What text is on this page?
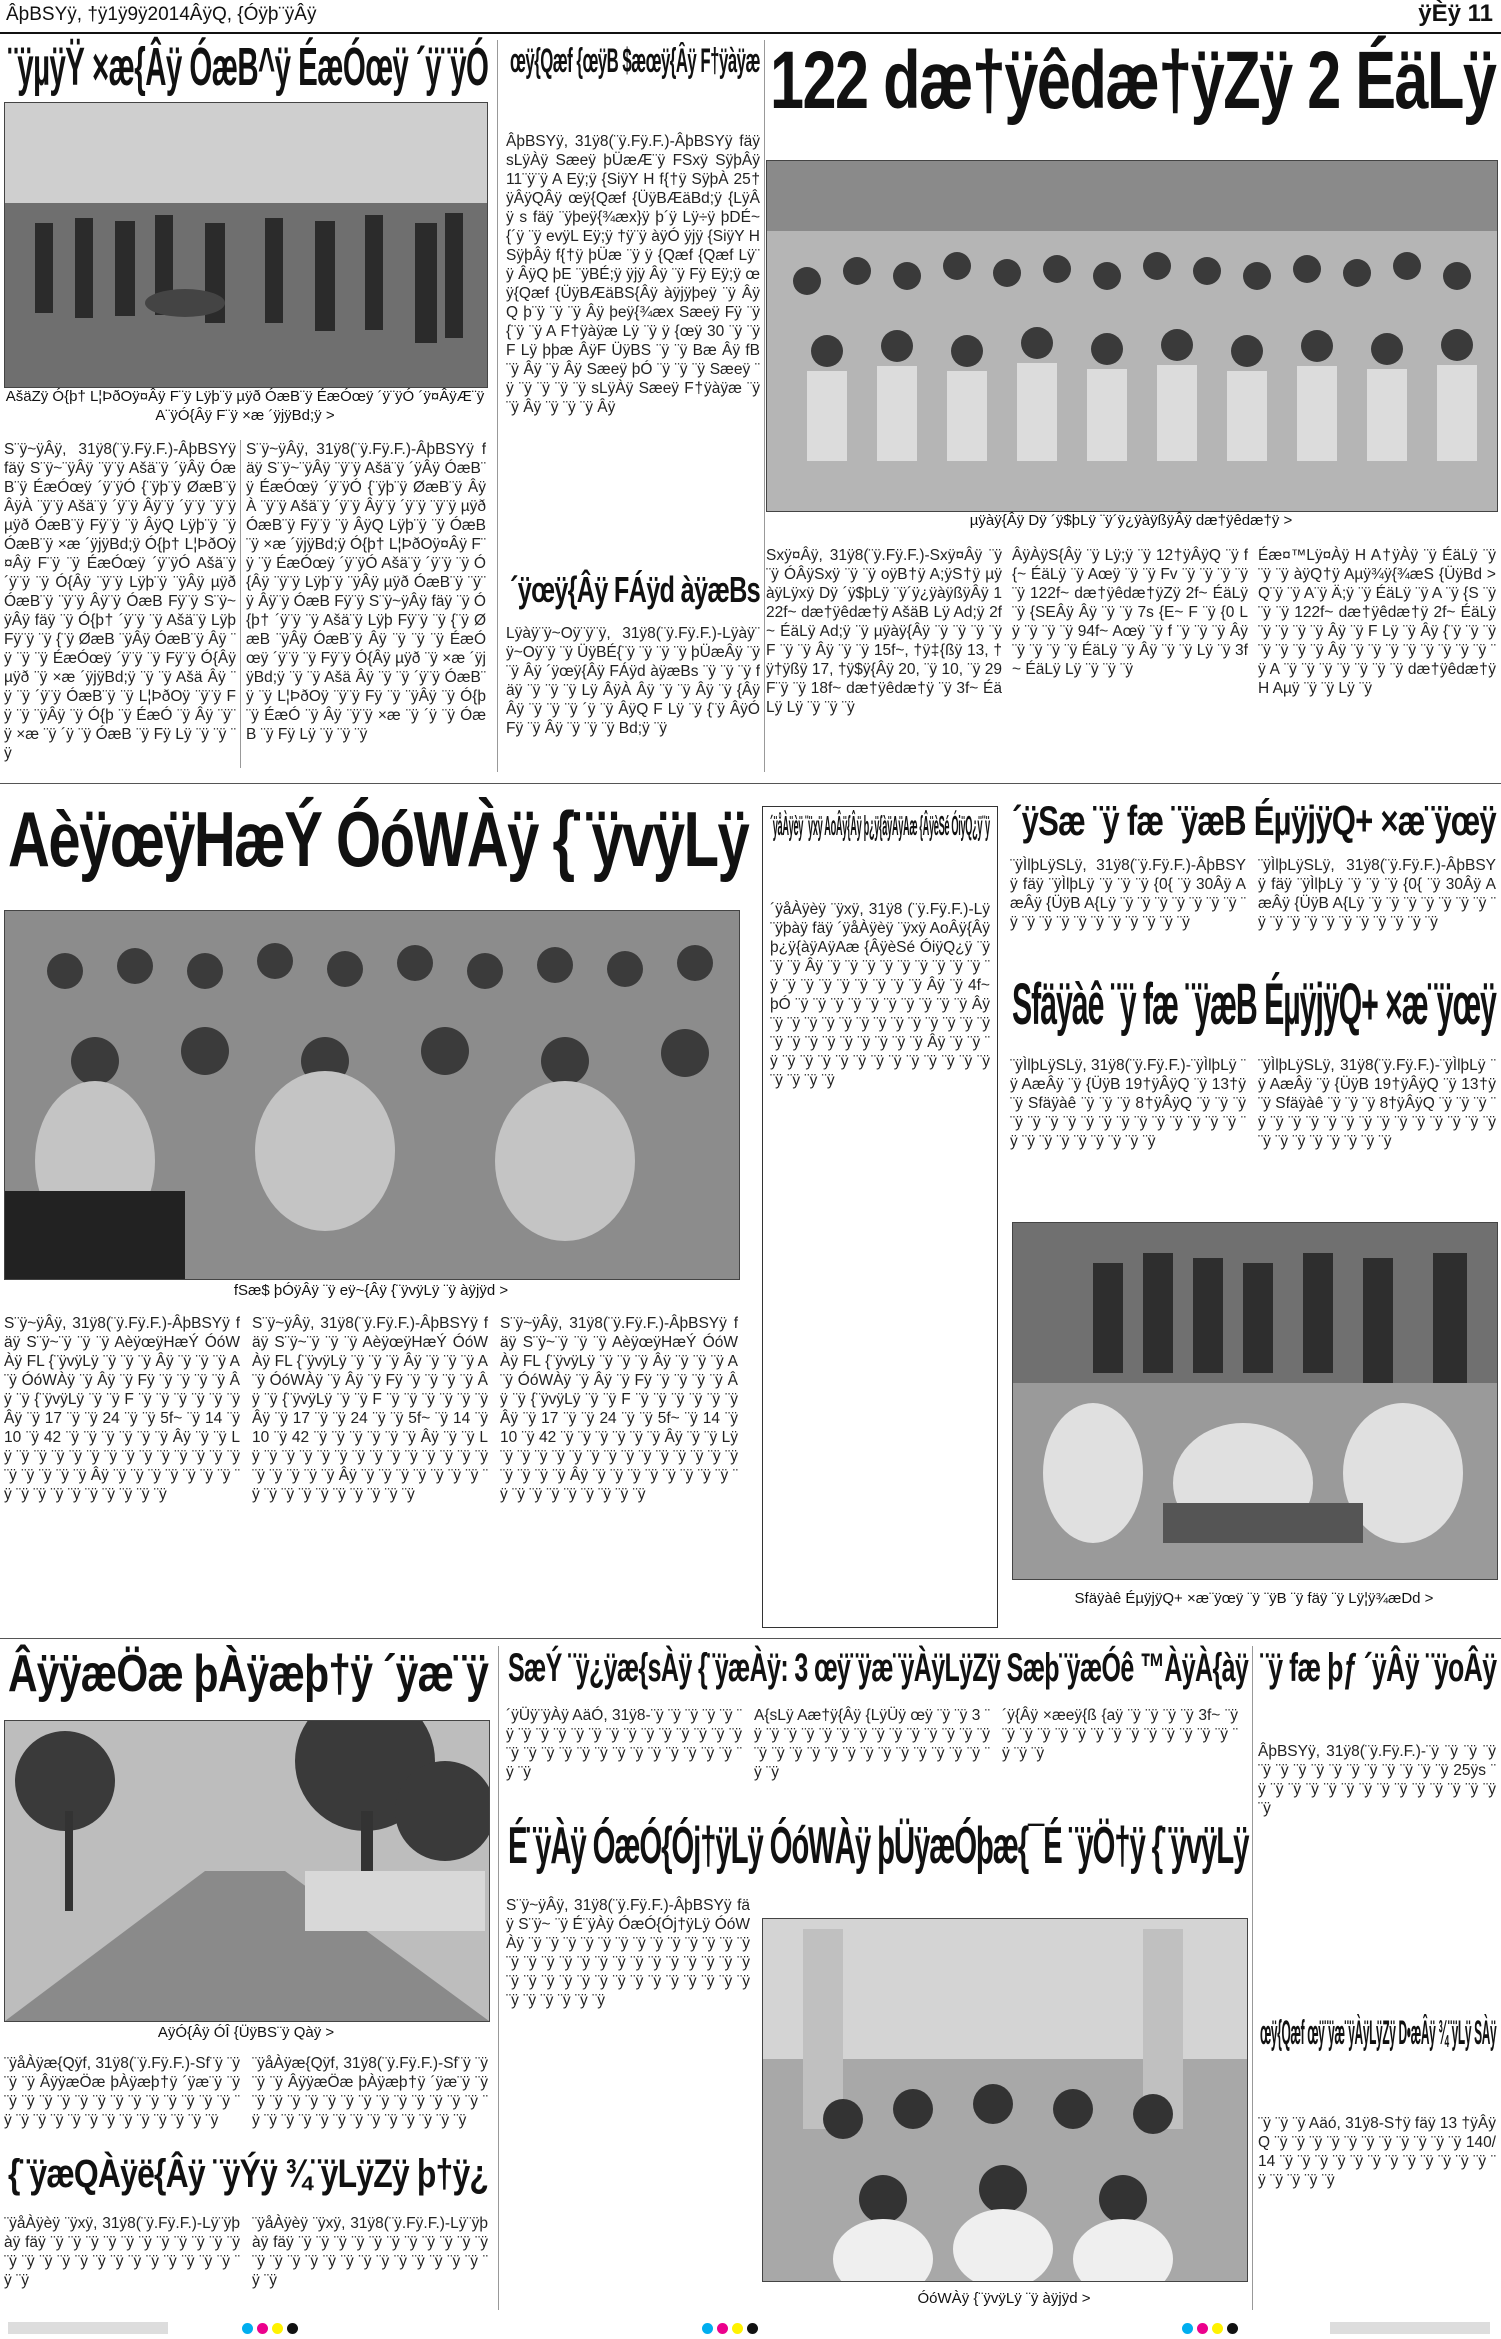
ÂþBSYÿ, †ÿ1ÿ9ÿ2014ÂÿQ, {Óÿþ¨ÿÂÿ	ÿÈÿ 11
¨ÿµÿŸ ×æ{Âÿ ÓæB^ÿ ÉæÓœÿ ´ÿ¨ÿÓ
AšäZÿ Ó{þ† L¦ÞðOÿ¤Âÿ F¨ÿ Lÿþ¨ÿ µÿð ÓæB¨ÿ ÉæÓœÿ ´ÿ¨ÿÓ ´ÿ¤ÂÿÆ¨ÿ A¨ÿÓ{Âÿ F¨ÿ ×æ ´ÿjÿBd;ÿ >
S¨ÿ~ÿÂÿ, 31ÿ8(¨ÿ.Fÿ.F.)-ÂþBSYÿ fäÿ S¨ÿ~¨ÿÂÿ ¨ÿ¨ÿ Ašä¨ÿ ´ÿÂÿ ÓæB¨ÿ ÉæÓœÿ ´ÿ¨ÿÓ {¨ÿþ¨ÿ ØæB¨ÿ ÂÿÀ ¨ÿ¨ÿ Ašä¨ÿ ´ÿ¨ÿ Âÿ¨ÿ ´ÿ¨ÿ ¨ÿ¨ÿ µÿð ÓæB¨ÿ Fÿ¨ÿ ¨ÿ ÂÿQ Lÿþ¨ÿ ¨ÿ ÓæB¨ÿ ×æ ´ÿjÿBd;ÿ Ó{þ† L¦ÞðOÿ¤Âÿ F¨ÿ ¨ÿ ÉæÓœÿ ´ÿ¨ÿÓ Ašä¨ÿ ´ÿ¨ÿ ¨ÿ Ó{Âÿ ¨ÿ¨ÿ Lÿþ¨ÿ ¨ÿÂÿ µÿð ÓæB¨ÿ ¨ÿ¨ÿ Âÿ¨ÿ ÓæB Fÿ¨ÿ S¨ÿ~ÿÂÿ fäÿ ¨ÿ Ó{þ† ´ÿ¨ÿ ¨ÿ Ašä¨ÿ Lÿþ Fÿ¨ÿ ¨ÿ {¨ÿ ØæB ¨ÿÂÿ ÓæB¨ÿ Âÿ ¨ÿ ¨ÿ ¨ÿ ÉæÓœÿ ´ÿ¨ÿ ¨ÿ Fÿ¨ÿ Ó{Âÿ µÿð ¨ÿ ×æ ´ÿjÿBd;ÿ ¨ÿ ¨ÿ Ašä Âÿ ¨ÿ ¨ÿ ´ÿ¨ÿ ÓæB¨ÿ ¨ÿ L¦ÞðOÿ ¨ÿ¨ÿ Fÿ ¨ÿ ¨ÿÂÿ ¨ÿ Ó{þ ¨ÿ ÉæÓ ¨ÿ Âÿ ¨ÿ¨ÿ ×æ ¨ÿ ´ÿ ¨ÿ ÓæB ¨ÿ Fÿ Lÿ ¨ÿ ¨ÿ ¨ÿ
S¨ÿ~ÿÂÿ, 31ÿ8(¨ÿ.Fÿ.F.)-ÂþBSYÿ fäÿ S¨ÿ~¨ÿÂÿ ¨ÿ¨ÿ Ašä¨ÿ ´ÿÂÿ ÓæB¨ÿ ÉæÓœÿ ´ÿ¨ÿÓ {¨ÿþ¨ÿ ØæB¨ÿ ÂÿÀ ¨ÿ¨ÿ Ašä¨ÿ ´ÿ¨ÿ Âÿ¨ÿ ´ÿ¨ÿ ¨ÿ¨ÿ µÿð ÓæB¨ÿ Fÿ¨ÿ ¨ÿ ÂÿQ Lÿþ¨ÿ ¨ÿ ÓæB¨ÿ ×æ ´ÿjÿBd;ÿ Ó{þ† L¦ÞðOÿ¤Âÿ F¨ÿ ¨ÿ ÉæÓœÿ ´ÿ¨ÿÓ Ašä¨ÿ ´ÿ¨ÿ ¨ÿ Ó{Âÿ ¨ÿ¨ÿ Lÿþ¨ÿ ¨ÿÂÿ µÿð ÓæB¨ÿ ¨ÿ¨ÿ Âÿ¨ÿ ÓæB Fÿ¨ÿ S¨ÿ~ÿÂÿ fäÿ ¨ÿ Ó{þ† ´ÿ¨ÿ ¨ÿ Ašä¨ÿ Lÿþ Fÿ¨ÿ ¨ÿ {¨ÿ ØæB ¨ÿÂÿ ÓæB¨ÿ Âÿ ¨ÿ ¨ÿ ¨ÿ ÉæÓœÿ ´ÿ¨ÿ ¨ÿ Fÿ¨ÿ Ó{Âÿ µÿð ¨ÿ ×æ ´ÿjÿBd;ÿ ¨ÿ ¨ÿ Ašä Âÿ ¨ÿ ¨ÿ ´ÿ¨ÿ ÓæB¨ÿ ¨ÿ L¦ÞðOÿ ¨ÿ¨ÿ Fÿ ¨ÿ ¨ÿÂÿ ¨ÿ Ó{þ ¨ÿ ÉæÓ ¨ÿ Âÿ ¨ÿ¨ÿ ×æ ¨ÿ ´ÿ ¨ÿ ÓæB ¨ÿ Fÿ Lÿ ¨ÿ ¨ÿ ¨ÿ
œÿ{Qæf {œÿB $æœÿ{Âÿ F†ÿàÿæ
ÂþBSYÿ, 31ÿ8(¨ÿ.Fÿ.F.)-ÂþBSYÿ fäÿ sLÿÀÿ Sæeÿ þÜæÆ¨ÿ FSxÿ SÿþÂÿ 11¨ÿ¨ÿ A Eÿ;ÿ {SiÿY H f{†ÿ SÿþÀ 25†ÿÂÿQÂÿ œÿ{Qæf {ÜÿBÆäBd;ÿ {LÿÂÿ s fäÿ ¨ÿþeÿ{¾æx}ÿ þ´ÿ Lÿ÷ÿ þDÉ~ {´ÿ ¨ÿ evÿL Eÿ;ÿ †ÿ¨ÿ àÿÓ ÿjÿ {SiÿY H SÿþÂÿ f{†ÿ þÜæ ¨ÿ ÿ {Qæf {Qæf Lÿ¨ÿ ÂÿQ þE ¨ÿBÉ;ÿ ÿjÿ Âÿ ¨ÿ Fÿ Eÿ;ÿ œÿ{Qæf {ÜÿBÆäBS{Âÿ àÿjÿþeÿ ¨ÿ ÂÿQ þ¨ÿ ¨ÿ ¨ÿ Âÿ þeÿ{¾æx Sæeÿ Fÿ ¨ÿ {¨ÿ ¨ÿ A F†ÿàÿæ Lÿ ¨ÿ ÿ {œÿ 30 ¨ÿ ¨ÿ F Lÿ þþæ ÂÿF ÜÿBS ¨ÿ ¨ÿ Bæ Âÿ fB ¨ÿ Âÿ ¨ÿ Âÿ Sæeÿ þÓ ¨ÿ ¨ÿ ¨ÿ Sæeÿ ¨ÿ ¨ÿ ¨ÿ ¨ÿ ¨ÿ sLÿÀÿ Sæeÿ F†ÿàÿæ ¨ÿ ¨ÿ Âÿ ¨ÿ ¨ÿ ¨ÿ Âÿ
´ÿœÿ{Âÿ FÁÿd àÿæBs
Lÿàÿ¨ÿ~Oÿ¨ÿ¨ÿ, 31ÿ8(¨ÿ.Fÿ.F.)-Lÿàÿ¨ÿ~Oÿ¨ÿ ¨ÿ ÜÿBÉ{¨ÿ ¨ÿ ¨ÿ ¨ÿ þÜæÂÿ ¨ÿ ¨ÿ Âÿ ´ÿœÿ{Âÿ FÁÿd àÿæBs ¨ÿ ¨ÿ ¨ÿ fäÿ ¨ÿ ¨ÿ ¨ÿ Lÿ ÂÿÀ Âÿ ¨ÿ ¨ÿ Âÿ ¨ÿ {Âÿ Âÿ ¨ÿ ¨ÿ ¨ÿ ´ÿ ¨ÿ ÂÿQ F Lÿ ¨ÿ {¨ÿ ÂÿÓ Fÿ ¨ÿ Âÿ ¨ÿ ¨ÿ ¨ÿ Bd;ÿ ¨ÿ
122 dæ†ÿêdæ†ÿZÿ 2 ÉäLÿ
µÿàÿ{Âÿ Dÿ ´ÿ$þLÿ ¨ÿ´ÿ¿ÿàÿßÿÂÿ dæ†ÿêdæ†ÿ >
Sxÿ¤Âÿ, 31ÿ8(¨ÿ.Fÿ.F.)-Sxÿ¤Âÿ ¨ÿ ¨ÿ ÓÂÿSxÿ ¨ÿ ¨ÿ oÿB†ÿ A;ÿS†ÿ µÿàÿLÿxÿ Dÿ ´ÿ$þLÿ ¨ÿ´ÿ¿ÿàÿßÿÂÿ 122f~ dæ†ÿêdæ†ÿ AšäB Lÿ Ad;ÿ 2f~ ÉäLÿ Ad;ÿ ¨ÿ µÿàÿ{Âÿ ¨ÿ ¨ÿ ¨ÿ ¨ÿ F ¨ÿ ¨ÿ Âÿ ¨ÿ ¨ÿ 15f~, †ÿ‡{ßÿ 13, †ÿ†ÿßÿ 17, †ÿ$ÿ{Âÿ 20, ¨ÿ 10, ¨ÿ 29 F¨ÿ ¨ÿ 18f~ dæ†ÿêdæ†ÿ ¨ÿ 3f~ ÉäLÿ Lÿ ¨ÿ ¨ÿ ¨ÿ
ÂÿÀÿS{Âÿ ¨ÿ Lÿ;ÿ ¨ÿ 12†ÿÂÿQ ¨ÿ f{~ ÉäLÿ ¨ÿ Aœÿ ¨ÿ ¨ÿ Fv ¨ÿ ¨ÿ ¨ÿ ¨ÿ ¨ÿ 122f~ dæ†ÿêdæ†ÿZÿ 2f~ ÉäLÿ ¨ÿ {SEÂÿ Âÿ ¨ÿ ¨ÿ 7s {E~ F ¨ÿ {0 Lÿ ¨ÿ ¨ÿ ¨ÿ 94f~ Aœÿ ¨ÿ f ¨ÿ ¨ÿ ¨ÿ Âÿ ¨ÿ ¨ÿ ¨ÿ ¨ÿ ÉäLÿ ¨ÿ Âÿ ¨ÿ ¨ÿ Lÿ ¨ÿ 3f~ ÉäLÿ Lÿ ¨ÿ ¨ÿ ¨ÿ
Éæ¤™Lÿ¤Àÿ H A†ÿÀÿ ¨ÿ ÉäLÿ ¨ÿ ¨ÿ ¨ÿ àÿQ†ÿ Aµÿ¾ÿ{¾æS {ÜÿBd > Q¨ÿ ¨ÿ A¨ÿ Ä;ÿ ¨ÿ ÉäLÿ ¨ÿ A ¨ÿ {S ¨ÿ ¨ÿ ¨ÿ 122f~ dæ†ÿêdæ†ÿ 2f~ ÉäLÿ ¨ÿ ¨ÿ ¨ÿ ¨ÿ Âÿ ¨ÿ F Lÿ ¨ÿ Âÿ {¨ÿ ¨ÿ ¨ÿ ¨ÿ ¨ÿ ¨ÿ ¨ÿ Âÿ ¨ÿ ¨ÿ ¨ÿ ¨ÿ ¨ÿ ¨ÿ ¨ÿ ¨ÿ ¨ÿ A ¨ÿ ¨ÿ ¨ÿ ¨ÿ ¨ÿ ¨ÿ ¨ÿ dæ†ÿêdæ†ÿ H Aµÿ ¨ÿ ¨ÿ Lÿ ¨ÿ
AèÿœÿHæÝ ÓóWÀÿ {¨ÿvÿLÿ
fSæ$ þÓÿÂÿ ¨ÿ eÿ~{Âÿ {¨ÿvÿLÿ ¨ÿ àÿjÿd >
S¨ÿ~ÿÂÿ, 31ÿ8(¨ÿ.Fÿ.F.)-ÂþBSYÿ fäÿ S¨ÿ~¨ÿ ¨ÿ ¨ÿ AèÿœÿHæÝ ÓóWÀÿ FL {¨ÿvÿLÿ ¨ÿ ¨ÿ ¨ÿ Âÿ ¨ÿ ¨ÿ ¨ÿ A ¨ÿ ÓóWÀÿ ¨ÿ Âÿ ¨ÿ Fÿ ¨ÿ ¨ÿ ¨ÿ ¨ÿ Âÿ ¨ÿ {¨ÿvÿLÿ ¨ÿ ¨ÿ F ¨ÿ ¨ÿ ¨ÿ ¨ÿ ¨ÿ ¨ÿ Âÿ ¨ÿ 17 ¨ÿ ¨ÿ 24 ¨ÿ ¨ÿ 5f~ ¨ÿ 14 ¨ÿ 10 ¨ÿ 42 ¨ÿ ¨ÿ ¨ÿ ¨ÿ ¨ÿ ¨ÿ Âÿ ¨ÿ ¨ÿ Lÿ ¨ÿ ¨ÿ ¨ÿ ¨ÿ ¨ÿ ¨ÿ ¨ÿ ¨ÿ ¨ÿ ¨ÿ ¨ÿ ¨ÿ ¨ÿ ¨ÿ ¨ÿ ¨ÿ ¨ÿ ¨ÿ Âÿ ¨ÿ ¨ÿ ¨ÿ ¨ÿ ¨ÿ ¨ÿ ¨ÿ ¨ÿ ¨ÿ ¨ÿ ¨ÿ ¨ÿ ¨ÿ ¨ÿ ¨ÿ ¨ÿ ¨ÿ
S¨ÿ~ÿÂÿ, 31ÿ8(¨ÿ.Fÿ.F.)-ÂþBSYÿ fäÿ S¨ÿ~¨ÿ ¨ÿ ¨ÿ AèÿœÿHæÝ ÓóWÀÿ FL {¨ÿvÿLÿ ¨ÿ ¨ÿ ¨ÿ Âÿ ¨ÿ ¨ÿ ¨ÿ A ¨ÿ ÓóWÀÿ ¨ÿ Âÿ ¨ÿ Fÿ ¨ÿ ¨ÿ ¨ÿ ¨ÿ Âÿ ¨ÿ {¨ÿvÿLÿ ¨ÿ ¨ÿ F ¨ÿ ¨ÿ ¨ÿ ¨ÿ ¨ÿ ¨ÿ Âÿ ¨ÿ 17 ¨ÿ ¨ÿ 24 ¨ÿ ¨ÿ 5f~ ¨ÿ 14 ¨ÿ 10 ¨ÿ 42 ¨ÿ ¨ÿ ¨ÿ ¨ÿ ¨ÿ ¨ÿ Âÿ ¨ÿ ¨ÿ Lÿ ¨ÿ ¨ÿ ¨ÿ ¨ÿ ¨ÿ ¨ÿ ¨ÿ ¨ÿ ¨ÿ ¨ÿ ¨ÿ ¨ÿ ¨ÿ ¨ÿ ¨ÿ ¨ÿ ¨ÿ ¨ÿ Âÿ ¨ÿ ¨ÿ ¨ÿ ¨ÿ ¨ÿ ¨ÿ ¨ÿ ¨ÿ ¨ÿ ¨ÿ ¨ÿ ¨ÿ ¨ÿ ¨ÿ ¨ÿ ¨ÿ ¨ÿ
S¨ÿ~ÿÂÿ, 31ÿ8(¨ÿ.Fÿ.F.)-ÂþBSYÿ fäÿ S¨ÿ~¨ÿ ¨ÿ ¨ÿ AèÿœÿHæÝ ÓóWÀÿ FL {¨ÿvÿLÿ ¨ÿ ¨ÿ ¨ÿ Âÿ ¨ÿ ¨ÿ ¨ÿ A ¨ÿ ÓóWÀÿ ¨ÿ Âÿ ¨ÿ Fÿ ¨ÿ ¨ÿ ¨ÿ ¨ÿ Âÿ ¨ÿ {¨ÿvÿLÿ ¨ÿ ¨ÿ F ¨ÿ ¨ÿ ¨ÿ ¨ÿ ¨ÿ ¨ÿ Âÿ ¨ÿ 17 ¨ÿ ¨ÿ 24 ¨ÿ ¨ÿ 5f~ ¨ÿ 14 ¨ÿ 10 ¨ÿ 42 ¨ÿ ¨ÿ ¨ÿ ¨ÿ ¨ÿ ¨ÿ Âÿ ¨ÿ ¨ÿ Lÿ ¨ÿ ¨ÿ ¨ÿ ¨ÿ ¨ÿ ¨ÿ ¨ÿ ¨ÿ ¨ÿ ¨ÿ ¨ÿ ¨ÿ ¨ÿ ¨ÿ ¨ÿ ¨ÿ ¨ÿ ¨ÿ Âÿ ¨ÿ ¨ÿ ¨ÿ ¨ÿ ¨ÿ ¨ÿ ¨ÿ ¨ÿ ¨ÿ ¨ÿ ¨ÿ ¨ÿ ¨ÿ ¨ÿ ¨ÿ ¨ÿ ¨ÿ
´ÿåÀÿèÿ ¨ÿxÿ AoÂÿ{Âÿ þ¿ÿ{àÿAÿAæ {ÂÿèSé ÓiÿQ¿ÿ¨ÿ
´ÿåÀÿèÿ ¨ÿxÿ, 31ÿ8 (¨ÿ.Fÿ.F.)-Lÿ¨ÿþàÿ fäÿ ´ÿåÀÿèÿ ¨ÿxÿ AoÂÿ{Âÿ þ¿ÿ{àÿAÿAæ {ÂÿèSé ÓiÿQ¿ÿ ¨ÿ ¨ÿ ¨ÿ Âÿ ¨ÿ ¨ÿ ¨ÿ ¨ÿ ¨ÿ ¨ÿ ¨ÿ ¨ÿ ¨ÿ ¨ÿ ¨ÿ ¨ÿ ¨ÿ ¨ÿ ¨ÿ ¨ÿ ¨ÿ ¨ÿ Âÿ ¨ÿ 4f~ þÓ ¨ÿ ¨ÿ ¨ÿ ¨ÿ ¨ÿ ¨ÿ ¨ÿ ¨ÿ ¨ÿ ¨ÿ Âÿ ¨ÿ ¨ÿ ¨ÿ ¨ÿ ¨ÿ ¨ÿ ¨ÿ ¨ÿ ¨ÿ ¨ÿ ¨ÿ ¨ÿ ¨ÿ ¨ÿ ¨ÿ ¨ÿ ¨ÿ ¨ÿ ¨ÿ ¨ÿ ¨ÿ ¨ÿ Âÿ ¨ÿ ¨ÿ ¨ÿ ¨ÿ ¨ÿ ¨ÿ ¨ÿ ¨ÿ ¨ÿ ¨ÿ ¨ÿ ¨ÿ ¨ÿ ¨ÿ ¨ÿ ¨ÿ ¨ÿ ¨ÿ ¨ÿ
´ÿSæ ¨ÿ fæ ¨ÿæB ÉµÿjÿQ+ ×æ¨ÿœÿ
¨ÿÌlþLÿSLÿ, 31ÿ8(¨ÿ.Fÿ.F.)-ÂþBSYÿ fäÿ ¨ÿÌlþLÿ ¨ÿ ¨ÿ ¨ÿ {0{ ¨ÿ 30Âÿ AæÂÿ {ÜÿB A{Lÿ ¨ÿ ¨ÿ ¨ÿ ¨ÿ ¨ÿ ¨ÿ ¨ÿ ¨ÿ ¨ÿ ¨ÿ ¨ÿ ¨ÿ ¨ÿ ¨ÿ ¨ÿ ¨ÿ ¨ÿ ¨ÿ
¨ÿÌlþLÿSLÿ, 31ÿ8(¨ÿ.Fÿ.F.)-ÂþBSYÿ fäÿ ¨ÿÌlþLÿ ¨ÿ ¨ÿ ¨ÿ {0{ ¨ÿ 30Âÿ AæÂÿ {ÜÿB A{Lÿ ¨ÿ ¨ÿ ¨ÿ ¨ÿ ¨ÿ ¨ÿ ¨ÿ ¨ÿ ¨ÿ ¨ÿ ¨ÿ ¨ÿ ¨ÿ ¨ÿ ¨ÿ ¨ÿ ¨ÿ ¨ÿ
Sfäÿàê ¨ÿ fæ ¨ÿæB ÉµÿjÿQ+ ×æ¨ÿœÿ
¨ÿÌlþLÿSLÿ, 31ÿ8(¨ÿ.Fÿ.F.)-¨ÿÌlþLÿ ¨ÿ AæÂÿ ¨ÿ {ÜÿB 19†ÿÂÿQ ¨ÿ 13†ÿ ¨ÿ Sfäÿàê ¨ÿ ¨ÿ ¨ÿ 8†ÿÂÿQ ¨ÿ ¨ÿ ¨ÿ ¨ÿ ¨ÿ ¨ÿ ¨ÿ ¨ÿ ¨ÿ ¨ÿ ¨ÿ ¨ÿ ¨ÿ ¨ÿ ¨ÿ ¨ÿ ¨ÿ ¨ÿ ¨ÿ ¨ÿ ¨ÿ ¨ÿ ¨ÿ ¨ÿ ¨ÿ
¨ÿÌlþLÿSLÿ, 31ÿ8(¨ÿ.Fÿ.F.)-¨ÿÌlþLÿ ¨ÿ AæÂÿ ¨ÿ {ÜÿB 19†ÿÂÿQ ¨ÿ 13†ÿ ¨ÿ Sfäÿàê ¨ÿ ¨ÿ ¨ÿ 8†ÿÂÿQ ¨ÿ ¨ÿ ¨ÿ ¨ÿ ¨ÿ ¨ÿ ¨ÿ ¨ÿ ¨ÿ ¨ÿ ¨ÿ ¨ÿ ¨ÿ ¨ÿ ¨ÿ ¨ÿ ¨ÿ ¨ÿ ¨ÿ ¨ÿ ¨ÿ ¨ÿ ¨ÿ ¨ÿ ¨ÿ
Sfäÿàê ÉµÿjÿQ+ ×æ¨ÿœÿ ¨ÿ ¨ÿB ¨ÿ fäÿ ¨ÿ Lÿ¦ÿ¾æDd >
ÂÿÿæÖæ þÀÿæþ†ÿ ´ÿæ¨ÿ
AÿÓ{Âÿ ÓÎ {ÜÿBS¨ÿ Qàÿ >
¨ÿåÀÿæ{Qÿf, 31ÿ8(¨ÿ.Fÿ.F.)-Sf¨ÿ ¨ÿ ¨ÿ ¨ÿ ÂÿÿæÖæ þÀÿæþ†ÿ ´ÿæ¨ÿ ¨ÿ ¨ÿ ¨ÿ ¨ÿ ¨ÿ ¨ÿ ¨ÿ ¨ÿ ¨ÿ ¨ÿ ¨ÿ ¨ÿ ¨ÿ ¨ÿ ¨ÿ ¨ÿ ¨ÿ ¨ÿ ¨ÿ ¨ÿ ¨ÿ ¨ÿ ¨ÿ ¨ÿ ¨ÿ ¨ÿ ¨ÿ
¨ÿåÀÿæ{Qÿf, 31ÿ8(¨ÿ.Fÿ.F.)-Sf¨ÿ ¨ÿ ¨ÿ ¨ÿ ÂÿÿæÖæ þÀÿæþ†ÿ ´ÿæ¨ÿ ¨ÿ ¨ÿ ¨ÿ ¨ÿ ¨ÿ ¨ÿ ¨ÿ ¨ÿ ¨ÿ ¨ÿ ¨ÿ ¨ÿ ¨ÿ ¨ÿ ¨ÿ ¨ÿ ¨ÿ ¨ÿ ¨ÿ ¨ÿ ¨ÿ ¨ÿ ¨ÿ ¨ÿ ¨ÿ ¨ÿ ¨ÿ
{¨ÿæQÀÿë{Âÿ ¨ÿÝÿ ¾¨ÿLÿZÿ þ†ÿ¿
¨ÿåÀÿèÿ ¨ÿxÿ, 31ÿ8(¨ÿ.Fÿ.F.)-Lÿ¨ÿþàÿ fäÿ ¨ÿ ¨ÿ ¨ÿ ¨ÿ ¨ÿ ¨ÿ ¨ÿ ¨ÿ ¨ÿ ¨ÿ ¨ÿ ¨ÿ ¨ÿ ¨ÿ ¨ÿ ¨ÿ ¨ÿ ¨ÿ ¨ÿ ¨ÿ ¨ÿ ¨ÿ ¨ÿ ¨ÿ ¨ÿ ¨ÿ
¨ÿåÀÿèÿ ¨ÿxÿ, 31ÿ8(¨ÿ.Fÿ.F.)-Lÿ¨ÿþàÿ fäÿ ¨ÿ ¨ÿ ¨ÿ ¨ÿ ¨ÿ ¨ÿ ¨ÿ ¨ÿ ¨ÿ ¨ÿ ¨ÿ ¨ÿ ¨ÿ ¨ÿ ¨ÿ ¨ÿ ¨ÿ ¨ÿ ¨ÿ ¨ÿ ¨ÿ ¨ÿ ¨ÿ ¨ÿ ¨ÿ ¨ÿ
SæÝ ¨ÿ¿ÿæ{sÀÿ {¨ÿæÀÿ: 3 œÿ¨ÿæ¨ÿÀÿLÿZÿ Sæþ¨ÿæÓê ™ÀÿÀ{àÿ
´ÿÜÿ¨ÿÀÿ AäÓ, 31ÿ8-¨ÿ ¨ÿ ¨ÿ ¨ÿ ¨ÿ ¨ÿ ¨ÿ ¨ÿ ¨ÿ ¨ÿ ¨ÿ ¨ÿ ¨ÿ ¨ÿ ¨ÿ ¨ÿ ¨ÿ ¨ÿ ¨ÿ ¨ÿ ¨ÿ ¨ÿ ¨ÿ ¨ÿ ¨ÿ ¨ÿ ¨ÿ ¨ÿ ¨ÿ ¨ÿ ¨ÿ ¨ÿ ¨ÿ ¨ÿ
A{sLÿ Aæ†ÿ{Âÿ {LÿÜÿ œÿ ¨ÿ ¨ÿ 3 ¨ÿ ¨ÿ ¨ÿ ¨ÿ ¨ÿ ¨ÿ ¨ÿ ¨ÿ ¨ÿ ¨ÿ ¨ÿ ¨ÿ ¨ÿ ¨ÿ ¨ÿ ¨ÿ ¨ÿ ¨ÿ ¨ÿ ¨ÿ ¨ÿ ¨ÿ ¨ÿ ¨ÿ ¨ÿ ¨ÿ ¨ÿ ¨ÿ ¨ÿ
´ÿ{Âÿ ×æeÿ{ß {aÿ ¨ÿ ¨ÿ ¨ÿ ¨ÿ 3f~ ¨ÿ ¨ÿ ¨ÿ ¨ÿ ¨ÿ ¨ÿ ¨ÿ ¨ÿ ¨ÿ ¨ÿ ¨ÿ ¨ÿ ¨ÿ ¨ÿ ¨ÿ ¨ÿ ¨ÿ
É¨ÿÀÿ ÓæÓ{Ój†ÿLÿ ÓóWÀÿ þÜÿæÓþæ{¯É ¨ÿÖ†ÿ {¨ÿvÿLÿ
S¨ÿ~ÿÂÿ, 31ÿ8(¨ÿ.Fÿ.F.)-ÂþBSYÿ fäÿ S¨ÿ~ ¨ÿ É¨ÿÀÿ ÓæÓ{Ój†ÿLÿ ÓóWÀÿ ¨ÿ ¨ÿ ¨ÿ ¨ÿ ¨ÿ ¨ÿ ¨ÿ ¨ÿ ¨ÿ ¨ÿ ¨ÿ ¨ÿ ¨ÿ ¨ÿ ¨ÿ ¨ÿ ¨ÿ ¨ÿ ¨ÿ ¨ÿ ¨ÿ ¨ÿ ¨ÿ ¨ÿ ¨ÿ ¨ÿ ¨ÿ ¨ÿ ¨ÿ ¨ÿ ¨ÿ ¨ÿ ¨ÿ ¨ÿ ¨ÿ ¨ÿ ¨ÿ ¨ÿ ¨ÿ ¨ÿ ¨ÿ ¨ÿ ¨ÿ ¨ÿ ¨ÿ ¨ÿ ¨ÿ
ÓóWÀÿ {¨ÿvÿLÿ ¨ÿ àÿjÿd >
¨ÿ fæ þƒ ´ÿÂÿ ¨ÿoÂÿ
ÂþBSYÿ, 31ÿ8(¨ÿ.Fÿ.F.)-¨ÿ ¨ÿ ¨ÿ ¨ÿ ¨ÿ ¨ÿ ¨ÿ ¨ÿ ¨ÿ ¨ÿ ¨ÿ ¨ÿ ¨ÿ ¨ÿ ¨ÿ 25ÿs ¨ÿ ¨ÿ ¨ÿ ¨ÿ ¨ÿ ¨ÿ ¨ÿ ¨ÿ ¨ÿ ¨ÿ ¨ÿ ¨ÿ ¨ÿ ¨ÿ ¨ÿ
œÿ{Qæf œÿ¨ÿæ¨ÿÀÿLÿZÿ D•æÂÿ ¾¨ÿLÿ SÀÿ
¨ÿ ¨ÿ ¨ÿ Aäó, 31ÿ8-S†ÿ fäÿ 13 †ÿÂÿQ ¨ÿ ¨ÿ ¨ÿ ¨ÿ ¨ÿ ¨ÿ ¨ÿ ¨ÿ ¨ÿ ¨ÿ ¨ÿ 140/14 ¨ÿ ¨ÿ ¨ÿ ¨ÿ ¨ÿ ¨ÿ ¨ÿ ¨ÿ ¨ÿ ¨ÿ ¨ÿ ¨ÿ ¨ÿ ¨ÿ ¨ÿ ¨ÿ ¨ÿ
